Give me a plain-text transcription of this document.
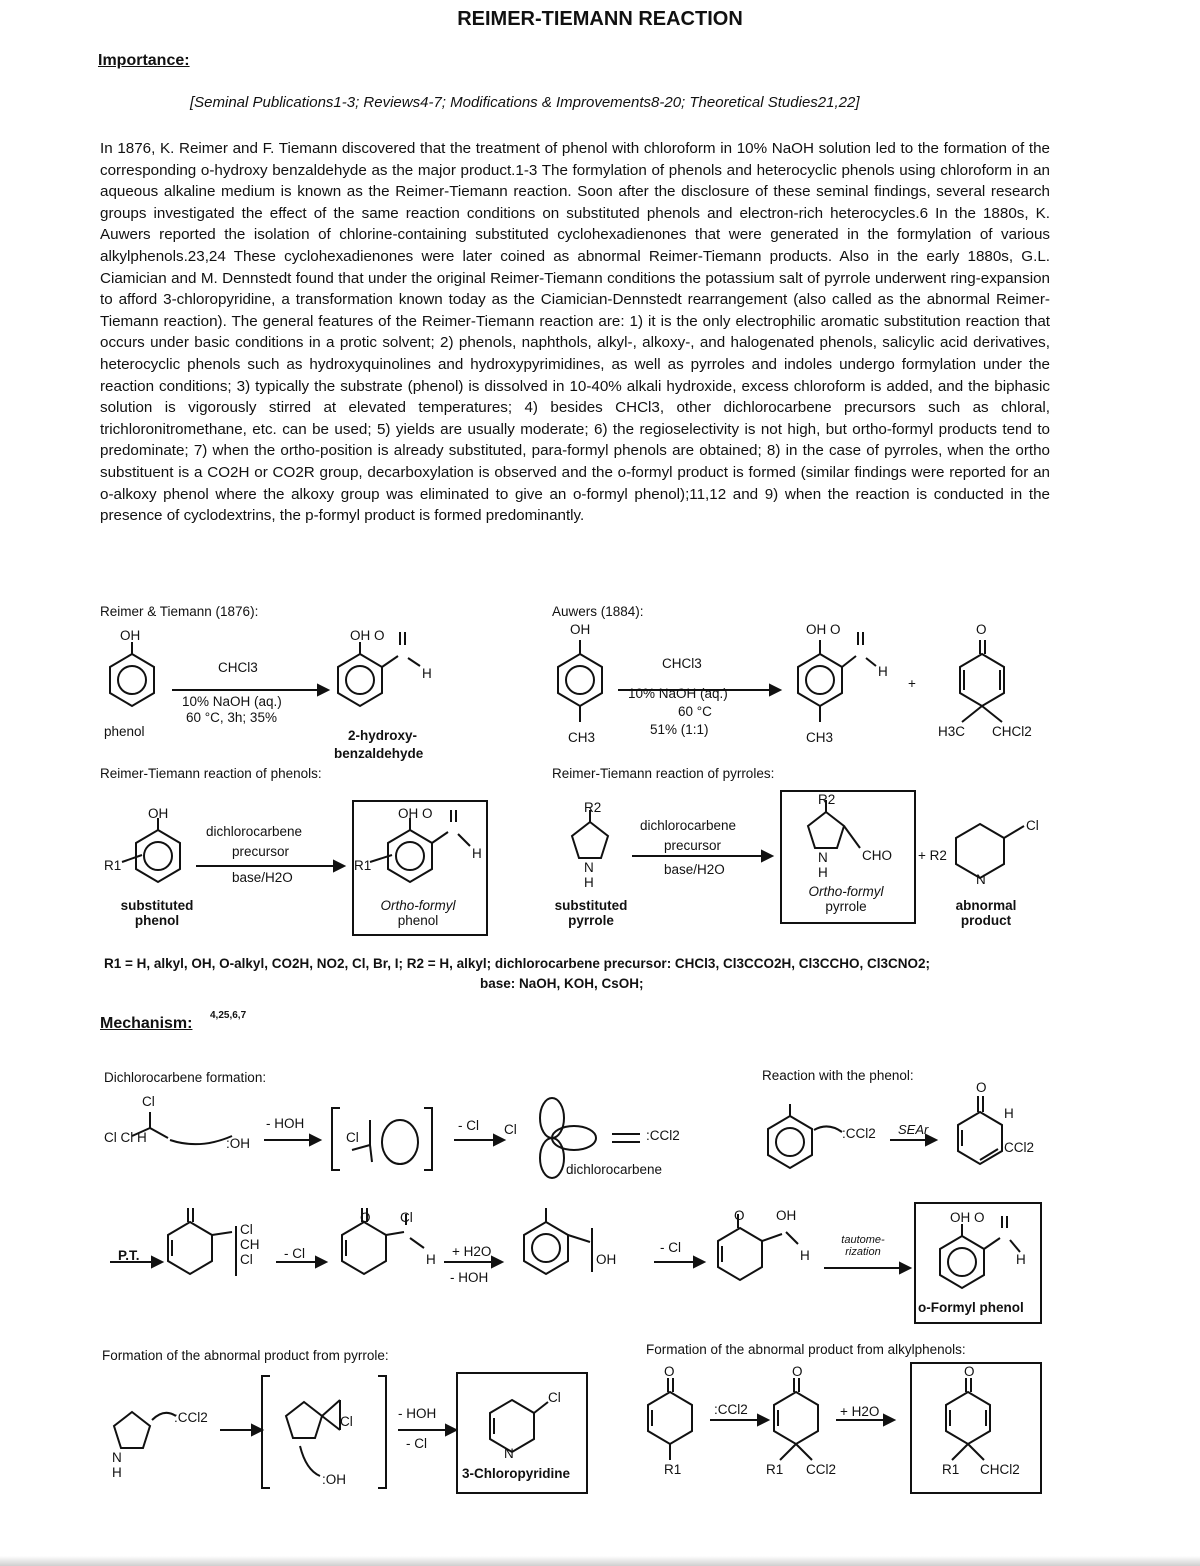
REIMER-TIEMANN REACTION
Importance:
[Seminal Publications1-3; Reviews4-7; Modifications & Improvements8-20; Theoretical Studies21,22]
In 1876, K. Reimer and F. Tiemann discovered that the treatment of phenol with chloroform in 10% NaOH solution led to the formation of the corresponding o-hydroxy benzaldehyde as the major product.1-3 The formylation of phenols and heterocyclic phenols using chloroform in an aqueous alkaline medium is known as the Reimer-Tiemann reaction. Soon after the disclosure of these seminal findings, several research groups investigated the effect of the same reaction conditions on substituted phenols and electron-rich heterocycles.6 In the 1880s, K. Auwers reported the isolation of chlorine-containing substituted cyclohexadienones that were generated in the formylation of various alkylphenols.23,24 These cyclohexadienones were later coined as abnormal Reimer-Tiemann products. Also in the early 1880s, G.L. Ciamician and M. Dennstedt found that under the original Reimer-Tiemann conditions the potassium salt of pyrrole underwent ring-expansion to afford 3-chloropyridine, a transformation known today as the Ciamician-Dennstedt rearrangement (also called as the abnormal Reimer-Tiemann reaction). The general features of the Reimer-Tiemann reaction are: 1) it is the only electrophilic aromatic substitution reaction that occurs under basic conditions in a protic solvent; 2) phenols, naphthols, alkyl-, alkoxy-, and halogenated phenols, salicylic acid derivatives, heterocyclic phenols such as hydroxyquinolines and hydroxypyrimidines, as well as pyrroles and indoles undergo formylation under the reaction conditions; 3) typically the substrate (phenol) is dissolved in 10-40% alkali hydroxide, excess chloroform is added, and the biphasic solution is vigorously stirred at elevated temperatures; 4) besides CHCl3, other dichlorocarbene precursors such as chloral, trichloronitromethane, etc. can be used; 5) yields are usually moderate; 6) the regioselectivity is not high, but ortho-formyl products tend to predominate; 7) when the ortho-position is already substituted, para-formyl phenols are obtained; 8) in the case of pyrroles, when the ortho substituent is a CO2H or CO2R group, decarboxylation is observed and the o-formyl product is formed (similar findings were reported for an o-alkoxy phenol where the alkoxy group was eliminated to give an o-formyl phenol);11,12 and 9) when the reaction is conducted in the presence of cyclodextrins, the p-formyl product is formed predominantly.
Reimer & Tiemann (1876):	Auwers (1884):
OH
CHCl3
10% NaOH (aq.)
60 °C, 3h; 35%
phenol
OH O
H
2-hydroxy-
benzaldehyde
OH
CH3
CHCl3
10% NaOH (aq.)
60 °C
51% (1:1)
OH O
H
CH3
+
O
H3C CHCl2
Reimer-Tiemann reaction of phenols:	Reimer-Tiemann reaction of pyrroles:
OH
R1
dichlorocarbene
precursor
base/H2O
substituted
phenol
OH O
H
R1
Ortho-formyl
phenol
R2
N
H
dichlorocarbene
precursor
base/H2O
substituted
pyrrole
R2
N
H
CHO
Ortho-formyl
pyrrole
+ R2
Cl
N
abnormal
product
R1 = H, alkyl, OH, O-alkyl, CO2H, NO2, Cl, Br, I; R2 = H, alkyl; dichlorocarbene precursor: CHCl3, Cl3CCO2H, Cl3CCHO, Cl3CNO2;
base: NaOH, KOH, CsOH;
Mechanism: 4,25,6,7
Dichlorocarbene formation:
Cl
Cl Cl H	:OH
- HOH
Cl
- Cl Cl	:CCl2
dichlorocarbene
Reaction with the phenol:
:CCl2 SEAr
O
H
CCl2
P.T.
Cl
CH
Cl	- Cl
O Cl
H
+ H2O
- HOH
OH
- Cl
O OH
H
tautome-
rization
OH O
H
o-Formyl phenol
Formation of the abnormal product from pyrrole:
:CCl2
N
H
Cl
:OH
- HOH
- Cl
Cl
N
3-Chloropyridine
Formation of the abnormal product from alkylphenols:
O
R1
:CCl2
O
R1 CCl2
+ H2O
O
R1 CHCl2
